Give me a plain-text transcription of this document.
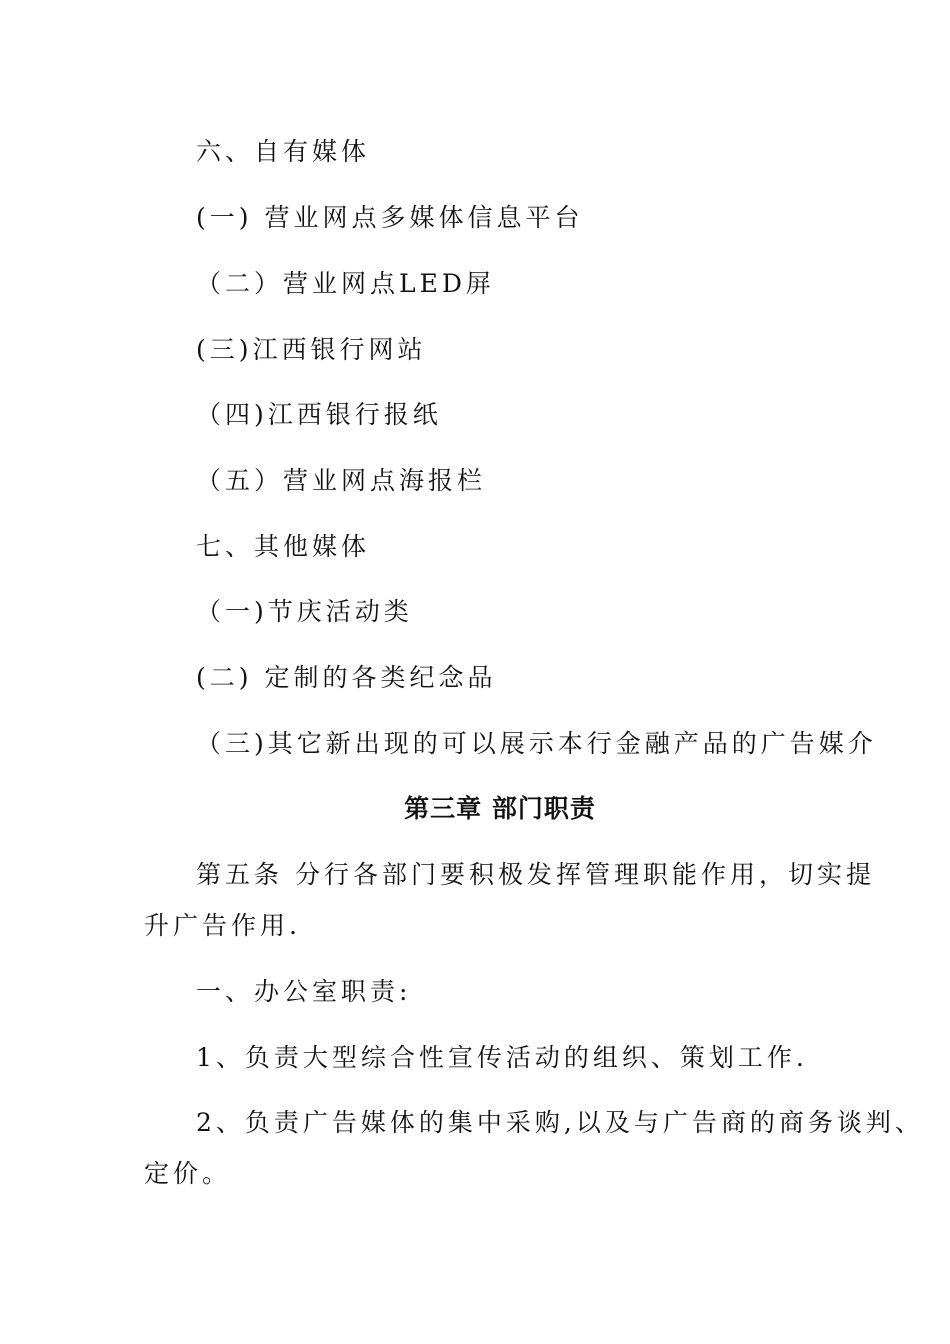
六、自有媒体
(一) 营业网点多媒体信息平台
（二）营业网点LED屏
(三)江西银行网站
（四)江西银行报纸
（五）营业网点海报栏
七、其他媒体
（一)节庆活动类
(二) 定制的各类纪念品
（三)其它新出现的可以展示本行金融产品的广告媒介
第三章 部门职责
第五条 分行各部门要积极发挥管理职能作用，切实提
升广告作用.
一、办公室职责:
1、负责大型综合性宣传活动的组织、策划工作.
2、负责广告媒体的集中采购,以及与广告商的商务谈判、
定价。
